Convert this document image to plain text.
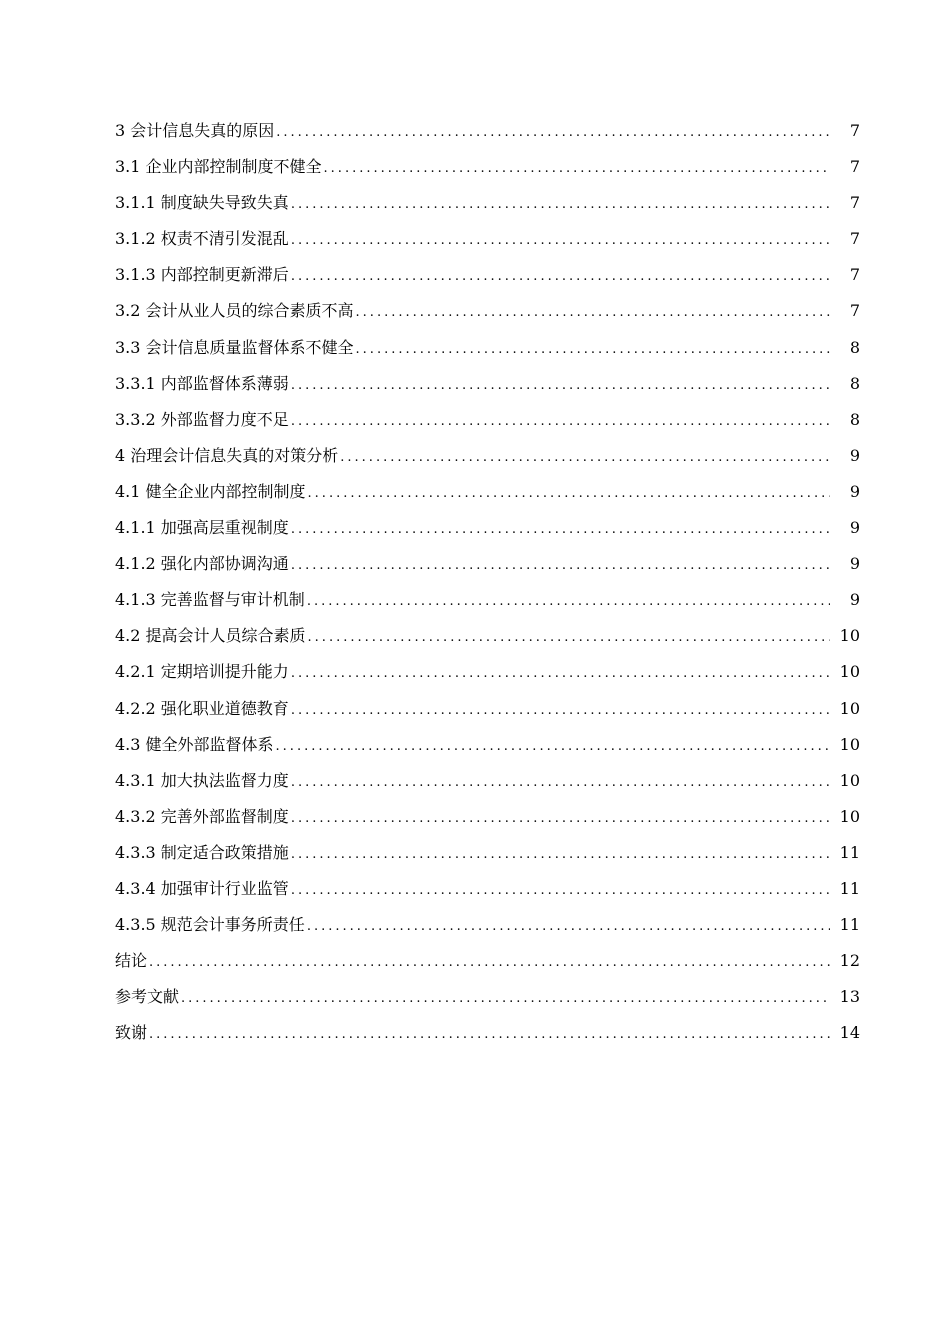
3 会计信息失真的原因 .....	7
3.1 企业内部控制制度不健全 .....	7
3.1.1 制度缺失导致失真 .....	7
3.1.2 权责不清引发混乱 .....	7
3.1.3 内部控制更新滞后 .....	7
3.2 会计从业人员的综合素质不高 .....	7
3.3 会计信息质量监督体系不健全 .....	8
3.3.1 内部监督体系薄弱 .....	8
3.3.2 外部监督力度不足 .....	8
4 治理会计信息失真的对策分析 .....	9
4.1 健全企业内部控制制度 .....	9
4.1.1 加强高层重视制度 .....	9
4.1.2 强化内部协调沟通 .....	9
4.1.3 完善监督与审计机制 .....	9
4.2 提高会计人员综合素质 .....	10
4.2.1 定期培训提升能力 .....	10
4.2.2 强化职业道德教育 .....	10
4.3 健全外部监督体系 .....	10
4.3.1 加大执法监督力度 .....	10
4.3.2 完善外部监督制度 .....	10
4.3.3 制定适合政策措施 .....	11
4.3.4 加强审计行业监管 .....	11
4.3.5 规范会计事务所责任 .....	11
结论 .....	12
参考文献 .....	13
致谢 .....	14
